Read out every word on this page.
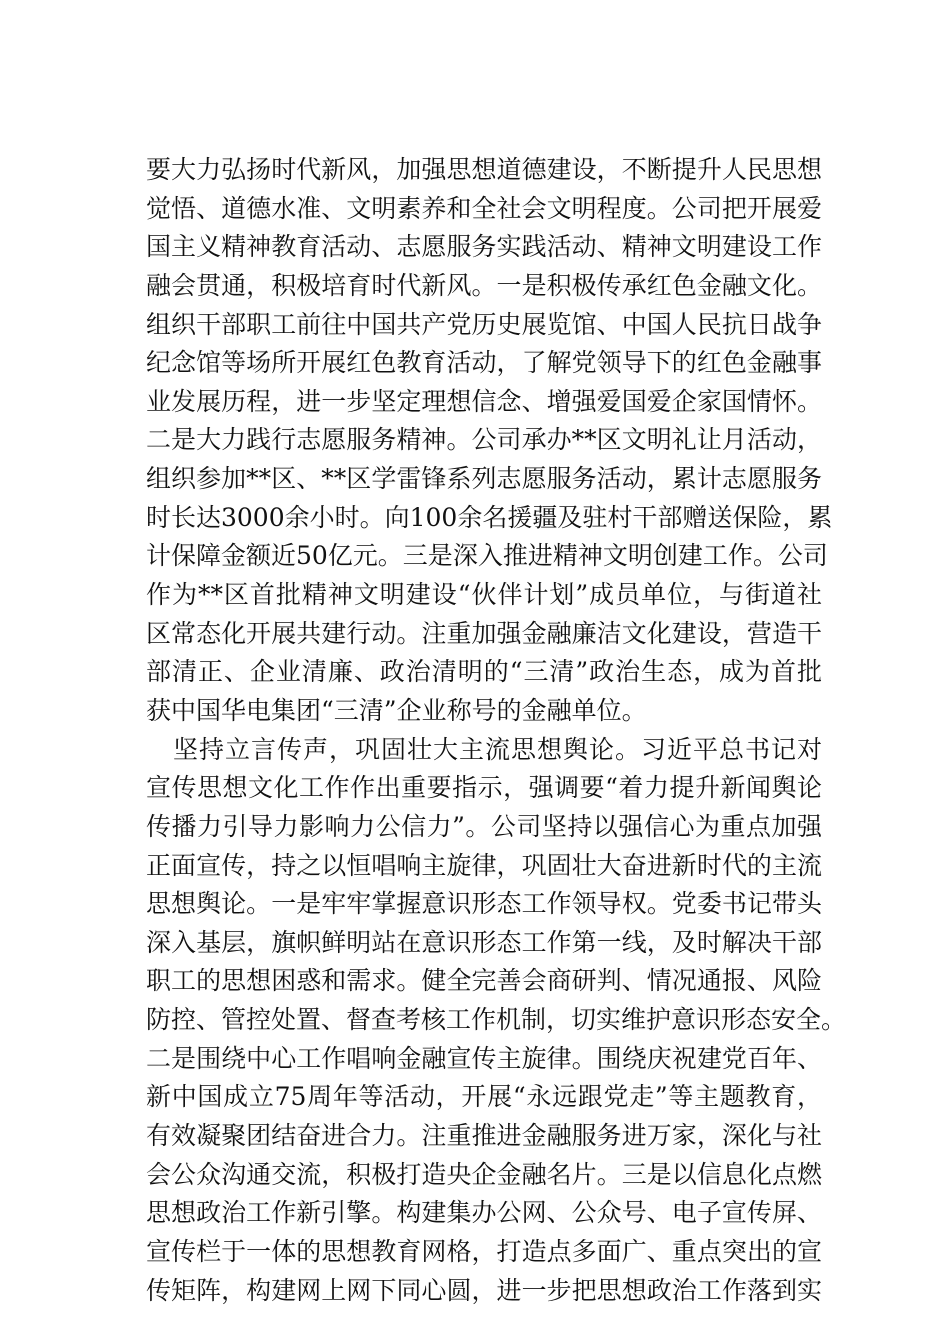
要大力弘扬时代新风，加强思想道德建设，不断提升人民思想
觉悟、道德水准、文明素养和全社会文明程度。公司把开展爱
国主义精神教育活动、志愿服务实践活动、精神文明建设工作
融会贯通，积极培育时代新风。一是积极传承红色金融文化。
组织干部职工前往中国共产党历史展览馆、中国人民抗日战争
纪念馆等场所开展红色教育活动，了解党领导下的红色金融事
业发展历程，进一步坚定理想信念、增强爱国爱企家国情怀。
二是大力践行志愿服务精神。公司承办**区文明礼让月活动，
组织参加**区、**区学雷锋系列志愿服务活动，累计志愿服务
时长达3000余小时。向100余名援疆及驻村干部赠送保险，累
计保障金额近50亿元。三是深入推进精神文明创建工作。公司
作为**区首批精神文明建设“伙伴计划”成员单位，与街道社
区常态化开展共建行动。注重加强金融廉洁文化建设，营造干
部清正、企业清廉、政治清明的“三清”政治生态，成为首批
获中国华电集团“三清”企业称号的金融单位。
坚持立言传声，巩固壮大主流思想舆论。习近平总书记对
宣传思想文化工作作出重要指示，强调要“着力提升新闻舆论
传播力引导力影响力公信力”。公司坚持以强信心为重点加强
正面宣传，持之以恒唱响主旋律，巩固壮大奋进新时代的主流
思想舆论。一是牢牢掌握意识形态工作领导权。党委书记带头
深入基层，旗帜鲜明站在意识形态工作第一线，及时解决干部
职工的思想困惑和需求。健全完善会商研判、情况通报、风险
防控、管控处置、督查考核工作机制，切实维护意识形态安全。
二是围绕中心工作唱响金融宣传主旋律。围绕庆祝建党百年、
新中国成立75周年等活动，开展“永远跟党走”等主题教育，
有效凝聚团结奋进合力。注重推进金融服务进万家，深化与社
会公众沟通交流，积极打造央企金融名片。三是以信息化点燃
思想政治工作新引擎。构建集办公网、公众号、电子宣传屏、
宣传栏于一体的思想教育网格，打造点多面广、重点突出的宣
传矩阵，构建网上网下同心圆，进一步把思想政治工作落到实
